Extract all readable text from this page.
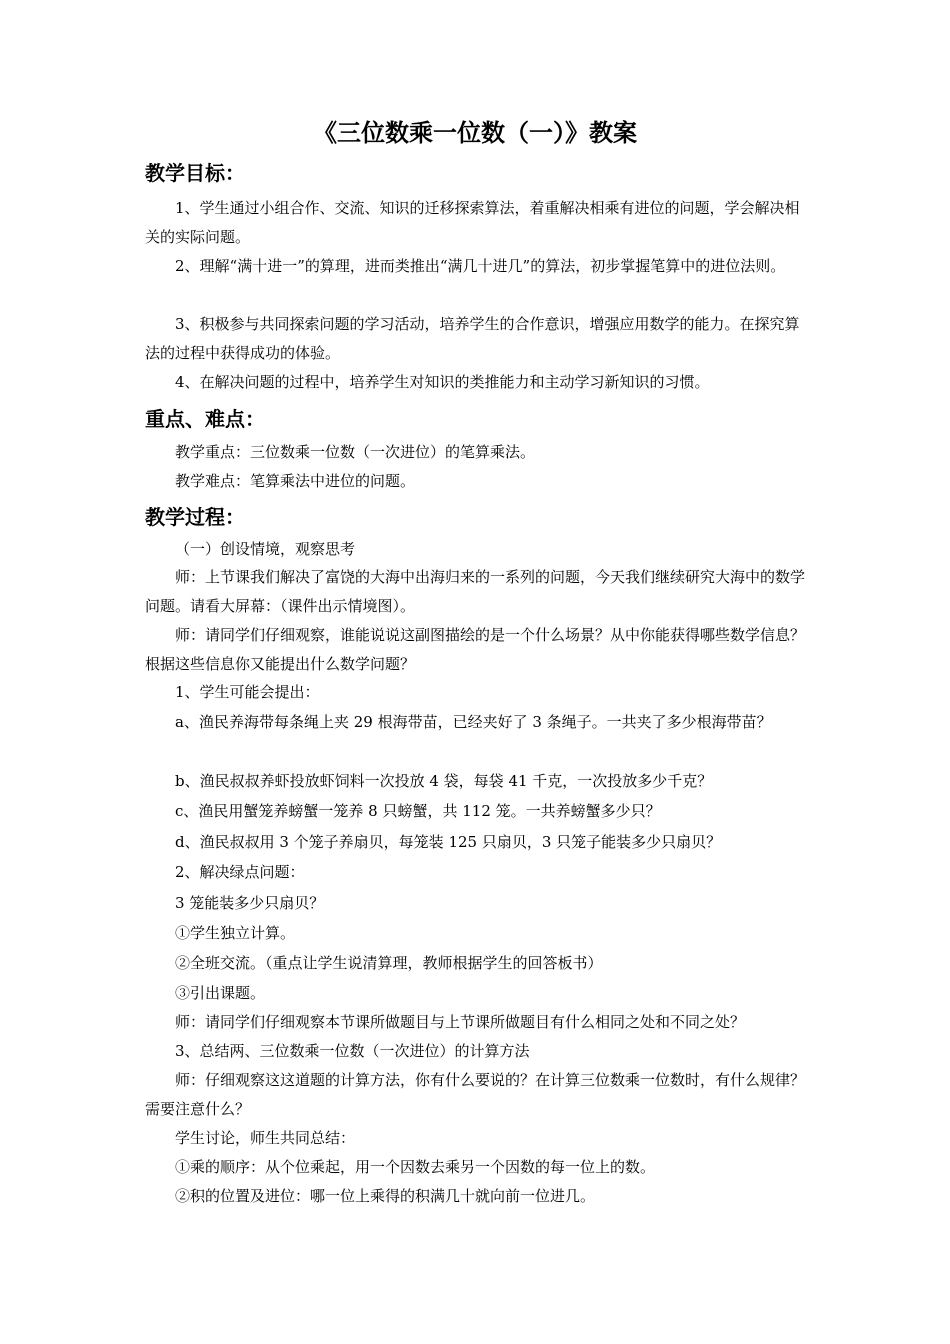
《三位数乘一位数（一）》教案
教学目标：

1、学生通过小组合作、交流、知识的迁移探索算法，着重解决相乘有进位的问题，学会解决相关的实际问题。

2、理解“满十进一”的算理，进而类推出“满几十进几”的算法，初步掌握笔算中的进位法则。

3、积极参与共同探索问题的学习活动，培养学生的合作意识，增强应用数学的能力。在探究算法的过程中获得成功的体验。

4、在解决问题的过程中，培养学生对知识的类推能力和主动学习新知识的习惯。

重点、难点：

教学重点：三位数乘一位数（一次进位）的笔算乘法。

教学难点：笔算乘法中进位的问题。

教学过程：

（一）创设情境，观察思考

师：上节课我们解决了富饶的大海中出海归来的一系列的问题，今天我们继续研究大海中的数学问题。请看大屏幕：（课件出示情境图）。

师：请同学们仔细观察，谁能说说这副图描绘的是一个什么场景？从中你能获得哪些数学信息？根据这些信息你又能提出什么数学问题？

1、学生可能会提出：

a、渔民养海带每条绳上夹 29 根海带苗，已经夹好了 3 条绳子。一共夹了多少根海带苗？

b、渔民叔叔养虾投放虾饲料一次投放 4 袋，每袋 41 千克，一次投放多少千克？

c、渔民用蟹笼养螃蟹一笼养 8 只螃蟹，共 112 笼。一共养螃蟹多少只？

d、渔民叔叔用 3 个笼子养扇贝，每笼装 125 只扇贝，3 只笼子能装多少只扇贝？

2、解决绿点问题：

3 笼能装多少只扇贝？

①学生独立计算。

②全班交流。（重点让学生说清算理，教师根据学生的回答板书）

③引出课题。

师：请同学们仔细观察本节课所做题目与上节课所做题目有什么相同之处和不同之处？

3、总结两、三位数乘一位数（一次进位）的计算方法

师：仔细观察这这道题的计算方法，你有什么要说的？在计算三位数乘一位数时，有什么规律？需要注意什么？

学生讨论，师生共同总结：

①乘的顺序：从个位乘起，用一个因数去乘另一个因数的每一位上的数。

②积的位置及进位：哪一位上乘得的积满几十就向前一位进几。
